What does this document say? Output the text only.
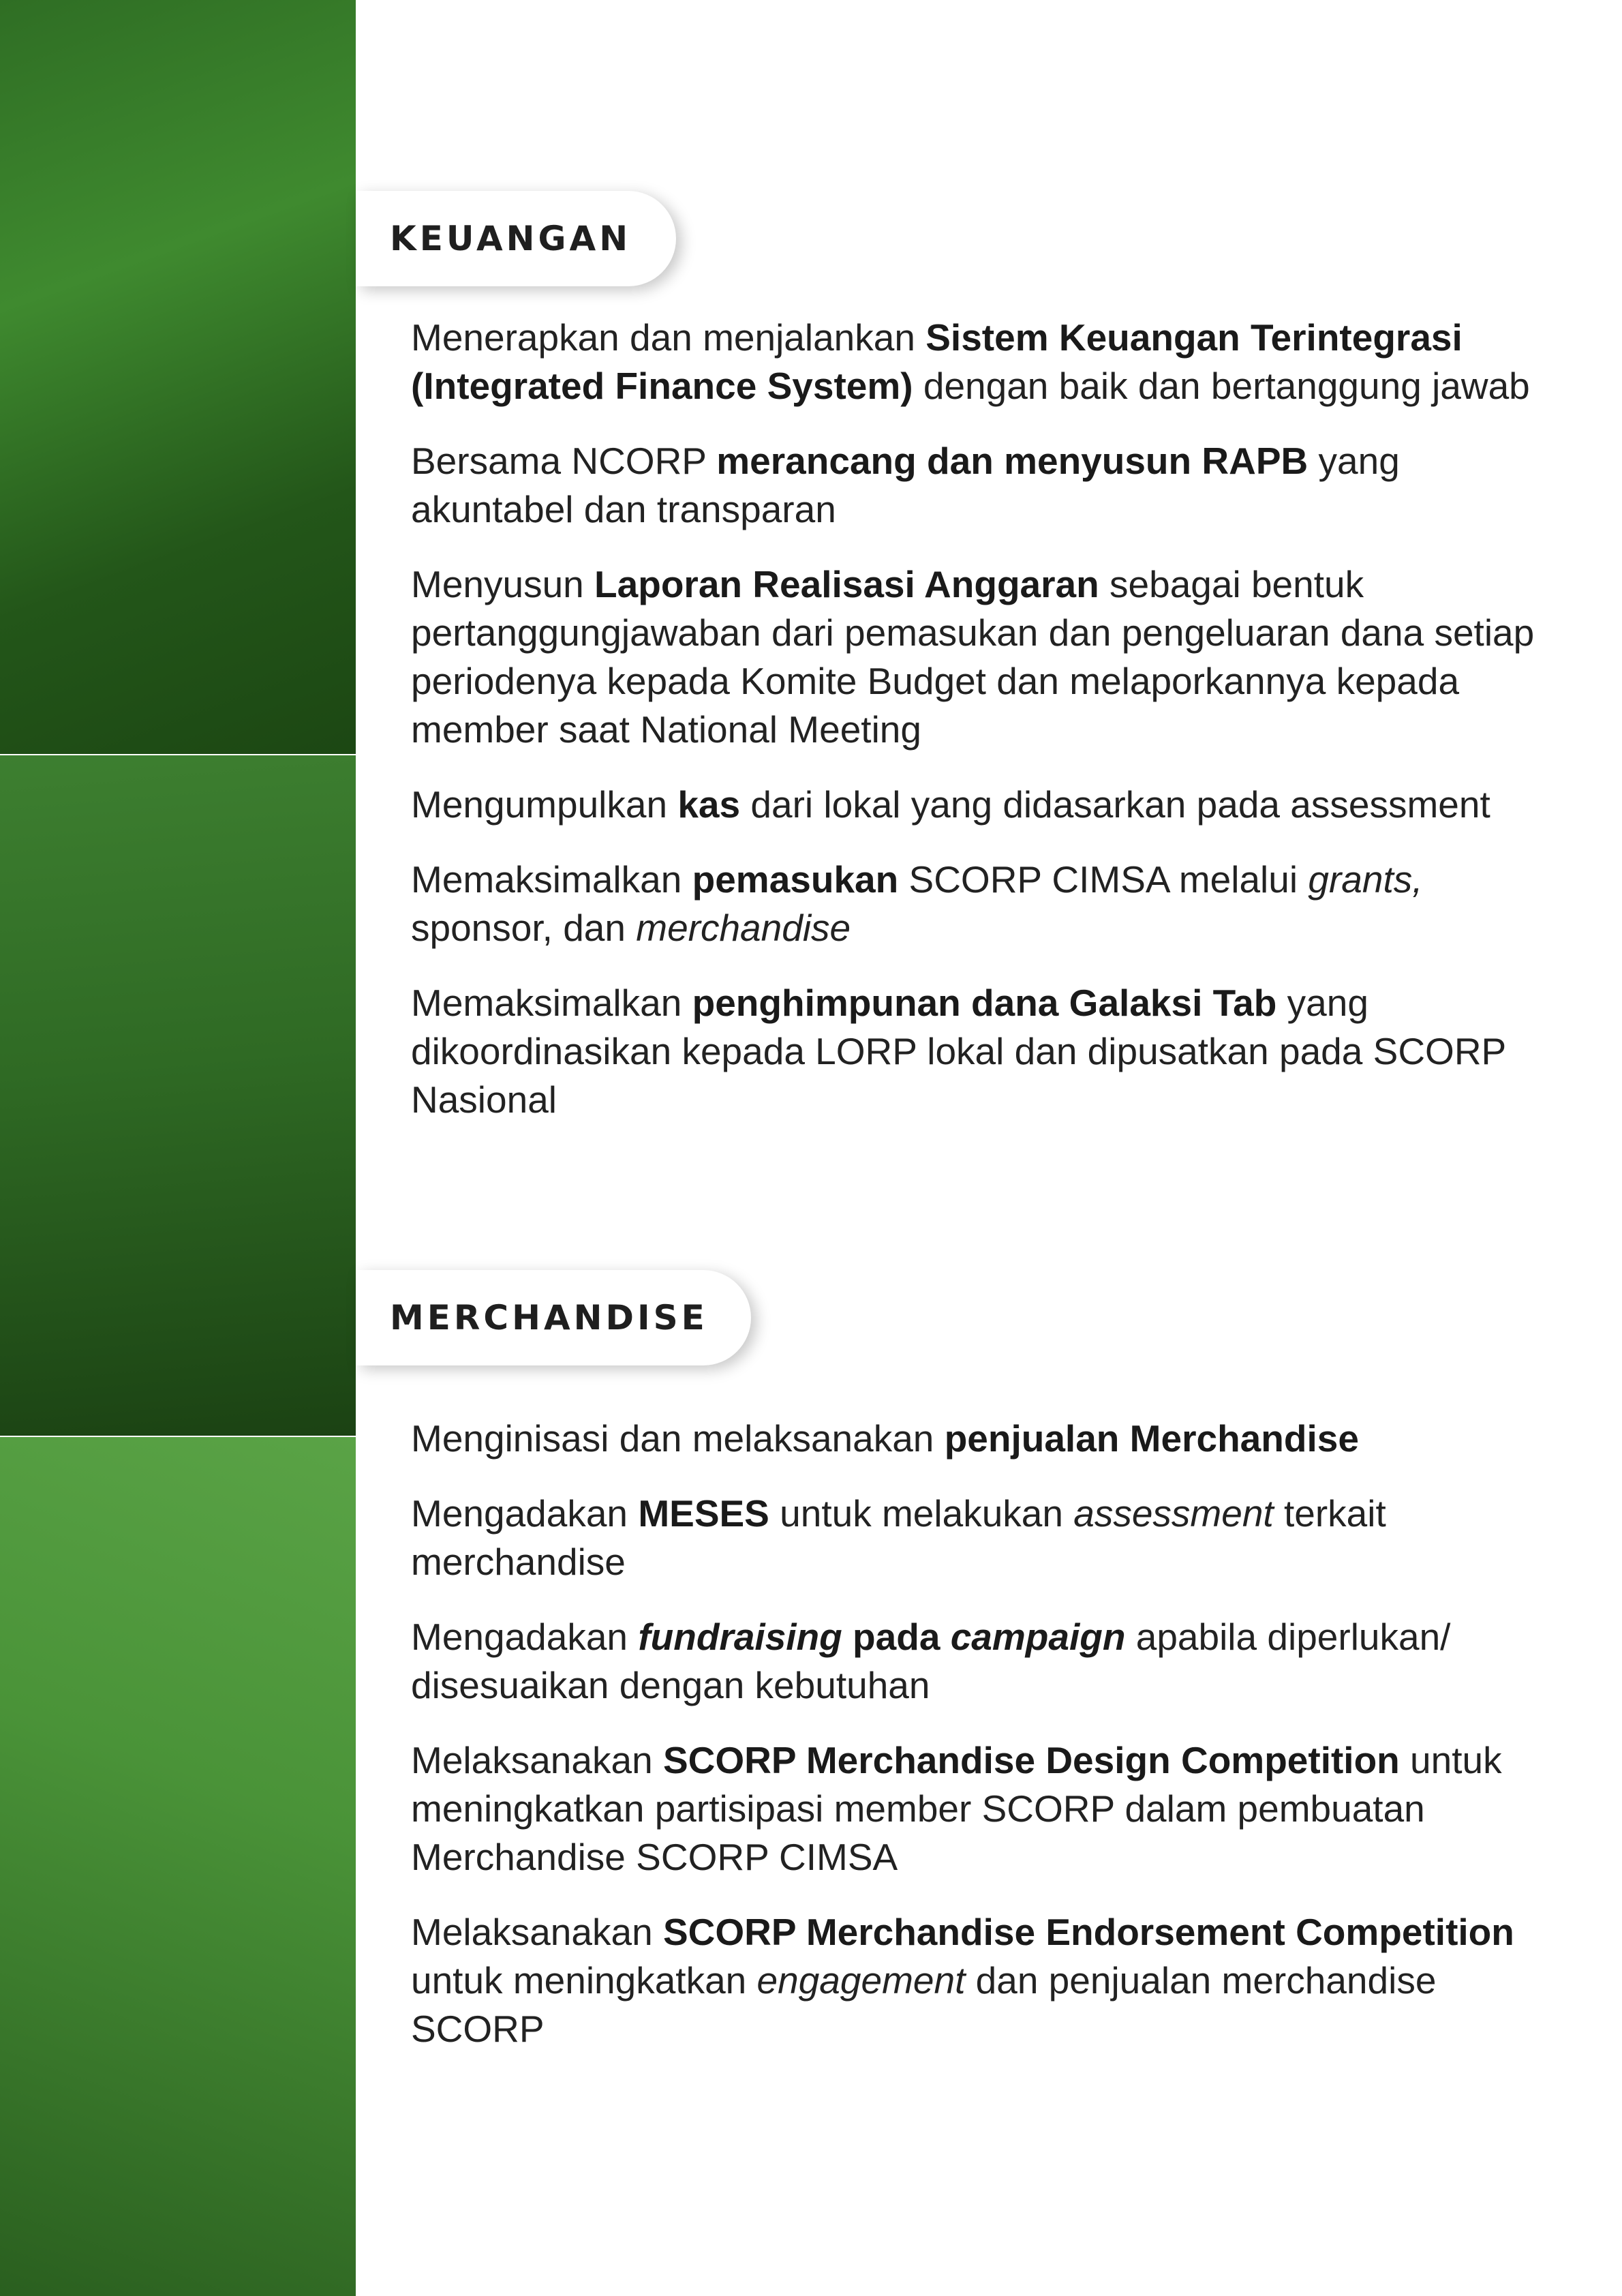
KEUANGAN
Menerapkan dan menjalankan Sistem Keuangan Terintegrasi (Integrated Finance System) dengan baik dan bertanggung jawab
Bersama NCORP merancang dan menyusun RAPB yang akuntabel dan transparan
Menyusun Laporan Realisasi Anggaran sebagai bentuk pertanggungjawaban dari pemasukan dan pengeluaran dana setiap periodenya kepada Komite Budget dan melaporkannya kepada member saat National Meeting
Mengumpulkan kas dari lokal yang didasarkan pada assessment
Memaksimalkan pemasukan SCORP CIMSA melalui grants, sponsor, dan merchandise
Memaksimalkan penghimpunan dana Galaksi Tab yang dikoordinasikan kepada LORP lokal dan dipusatkan pada SCORP Nasional
MERCHANDISE
Menginisasi dan melaksanakan penjualan Merchandise
Mengadakan MESES untuk melakukan assessment terkait merchandise
Mengadakan fundraising pada campaign apabila diperlukan/ disesuaikan dengan kebutuhan
Melaksanakan SCORP Merchandise Design Competition untuk meningkatkan partisipasi member SCORP dalam pembuatan Merchandise SCORP CIMSA
Melaksanakan SCORP Merchandise Endorsement Competition untuk meningkatkan engagement dan penjualan merchandise SCORP
